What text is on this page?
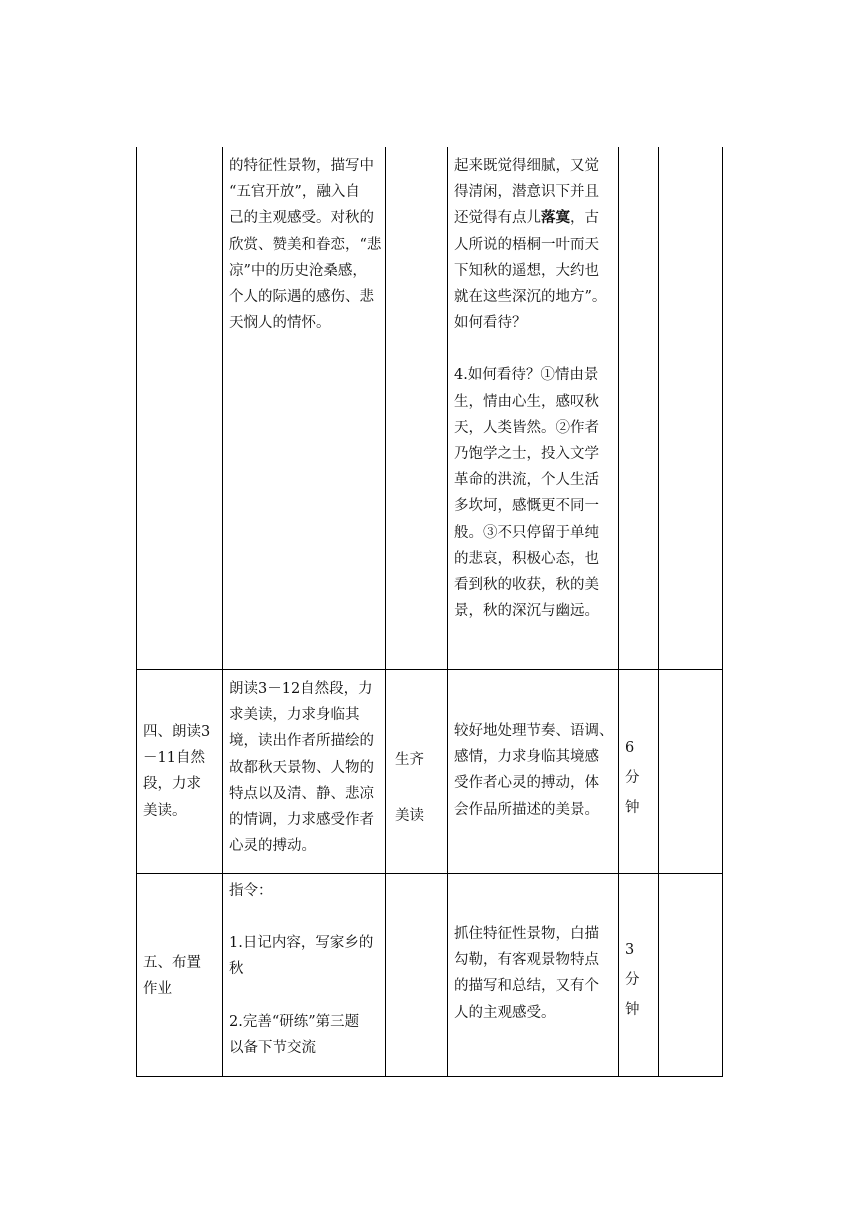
的特征性景物，描写中

“五官开放”，融入自

己的主观感受。对秋的

欣赏、赞美和眷恋，“悲

凉”中的历史沧桑感，

个人的际遇的感伤、悲

天悯人的情怀。

起来既觉得细腻，又觉

得清闲，潜意识下并且

还觉得有点儿落寞，古

人所说的梧桐一叶而天

下知秋的遥想，大约也

就在这些深沉的地方”。

如何看待？

4.如何看待？①情由景

生，情由心生，感叹秋

天，人类皆然。②作者

乃饱学之士，投入文学

革命的洪流，个人生活

多坎坷，感慨更不同一

般。③不只停留于单纯

的悲哀，积极心态，也

看到秋的收获，秋的美

景，秋的深沉与幽远。

四、朗读3

－11自然

段，力求

美读。

朗读3－12自然段，力

求美读，力求身临其

境，读出作者所描绘的

故都秋天景物、人物的

特点以及清、静、悲凉

的情调，力求感受作者

心灵的搏动。

生齐

美读

较好地处理节奏、语调、

感情，力求身临其境感

受作者心灵的搏动，体

会作品所描述的美景。

6

分

钟

五、布置

作业

指令：

1.日记内容，写家乡的

秋

2.完善“研练”第三题

以备下节交流

抓住特征性景物，白描

勾勒，有客观景物特点

的描写和总结，又有个

人的主观感受。

3

分

钟
